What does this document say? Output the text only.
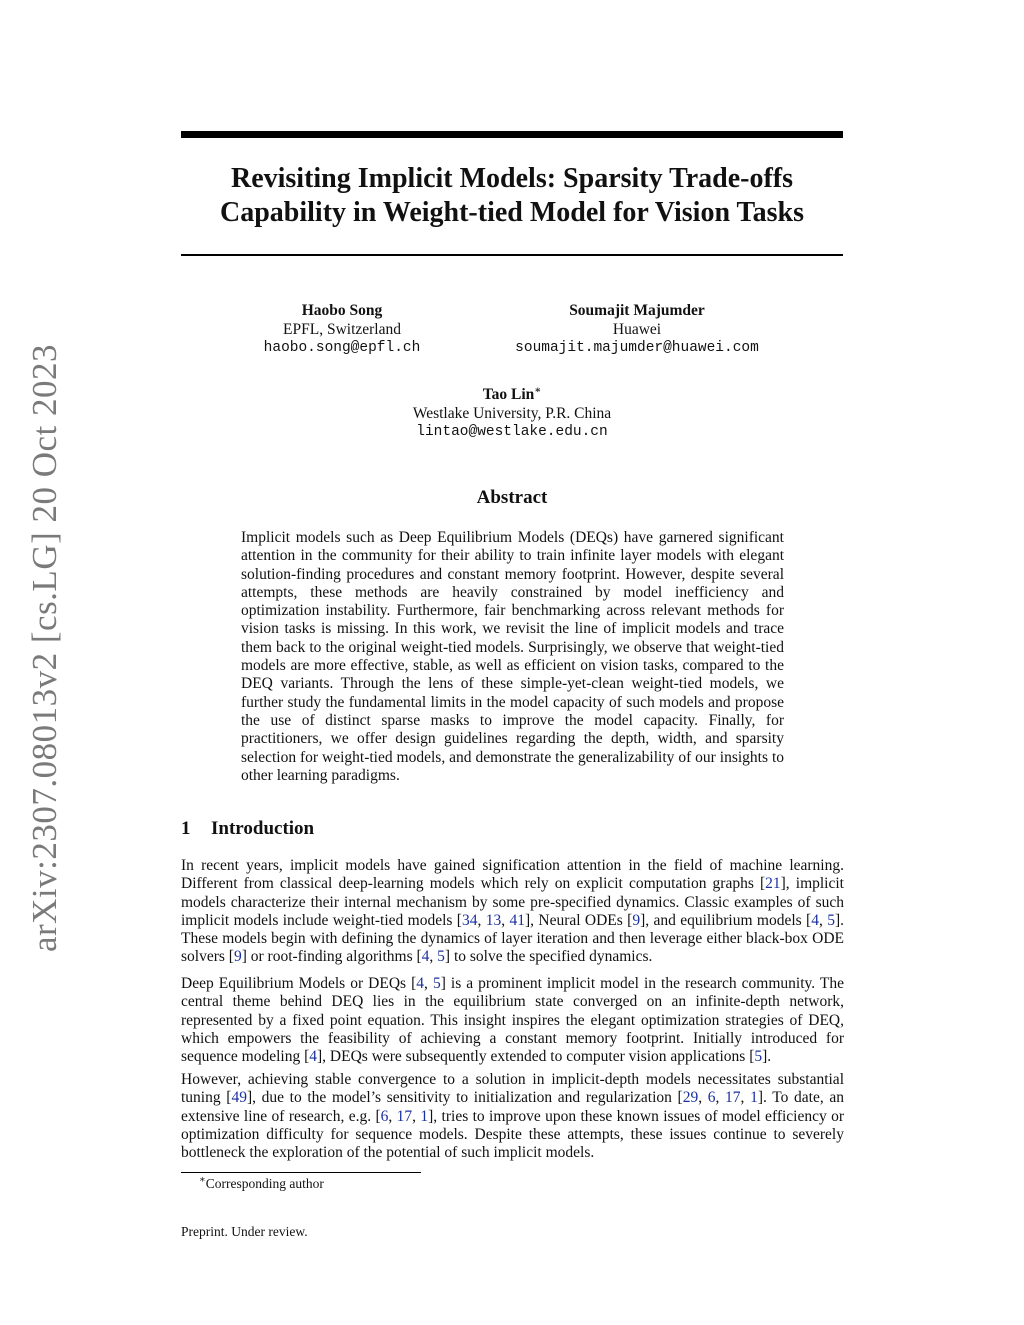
arXiv:2307.08013v2 [cs.LG] 20 Oct 2023
Revisiting Implicit Models: Sparsity Trade-offs
Capability in Weight-tied Model for Vision Tasks
Haobo Song
EPFL, Switzerland
haobo.song@epfl.ch
Soumajit Majumder
Huawei
soumajit.majumder@huawei.com
Tao Lin∗
Westlake University, P.R. China
lintao@westlake.edu.cn
Abstract

Implicit models such as Deep Equilibrium Models (DEQs) have garnered significant attention in the community for their ability to train infinite layer models with elegant solution-finding procedures and constant memory footprint. However, despite several attempts, these methods are heavily constrained by model inefficiency and optimization instability. Furthermore, fair benchmarking across relevant methods for vision tasks is missing. In this work, we revisit the line of implicit models and trace them back to the original weight-tied models. Surprisingly, we observe that weight-tied models are more effective, stable, as well as efficient on vision tasks, compared to the DEQ variants. Through the lens of these simple-yet-clean weight-tied models, we further study the fundamental limits in the model capacity of such models and propose the use of distinct sparse masks to improve the model capacity. Finally, for practitioners, we offer design guidelines regarding the depth, width, and sparsity selection for weight-tied models, and demonstrate the generalizability of our insights to other learning paradigms.

1 Introduction

In recent years, implicit models have gained signification attention in the field of machine learning. Different from classical deep-learning models which rely on explicit computation graphs [21], implicit models characterize their internal mechanism by some pre-specified dynamics. Classic examples of such implicit models include weight-tied models [34, 13, 41], Neural ODEs [9], and equilibrium models [4, 5]. These models begin with defining the dynamics of layer iteration and then leverage either black-box ODE solvers [9] or root-finding algorithms [4, 5] to solve the specified dynamics.

Deep Equilibrium Models or DEQs [4, 5] is a prominent implicit model in the research community. The central theme behind DEQ lies in the equilibrium state converged on an infinite-depth network, represented by a fixed point equation. This insight inspires the elegant optimization strategies of DEQ, which empowers the feasibility of achieving a constant memory footprint. Initially introduced for sequence modeling [4], DEQs were subsequently extended to computer vision applications [5].

However, achieving stable convergence to a solution in implicit-depth models necessitates substantial tuning [49], due to the model’s sensitivity to initialization and regularization [29, 6, 17, 1]. To date, an extensive line of research, e.g. [6, 17, 1], tries to improve upon these known issues of model efficiency or optimization difficulty for sequence models. Despite these attempts, these issues continue to severely bottleneck the exploration of the potential of such implicit models.

∗Corresponding author

Preprint. Under review.
